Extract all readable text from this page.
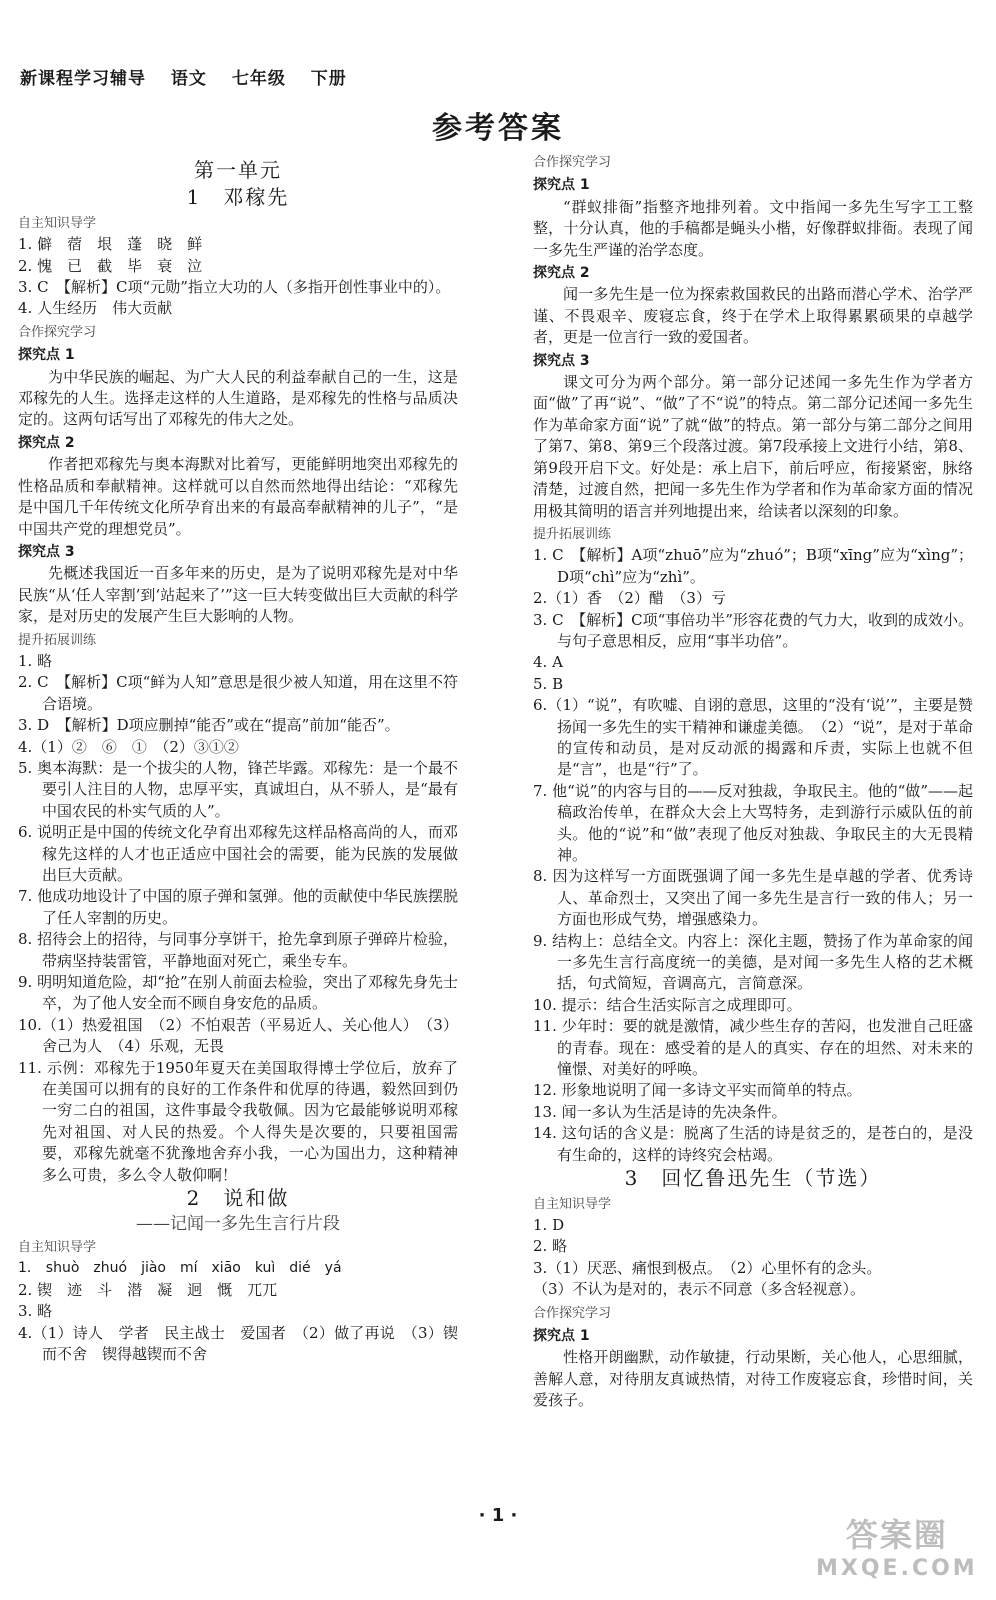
新课程学习辅导 语文 七年级 下册
参考答案
第一单元
1　邓稼先
自主知识导学
1. 僻　蓿　垠　蓬　晓　鲜
2. 愧　已　截　毕　衰　泣
3. C　【解析】C项“元勋”指立大功的人（多指开创性事业中的）。
4. 人生经历　伟大贡献
合作探究学习
探究点 1
为中华民族的崛起、为广大人民的利益奉献自己的一生，这是邓稼先的人生。选择走这样的人生道路，是邓稼先的性格与品质决定的。这两句话写出了邓稼先的伟大之处。
探究点 2
作者把邓稼先与奥本海默对比着写，更能鲜明地突出邓稼先的性格品质和奉献精神。这样就可以自然而然地得出结论：“邓稼先是中国几千年传统文化所孕育出来的有最高奉献精神的儿子”，“是中国共产党的理想党员”。
探究点 3
先概述我国近一百多年来的历史，是为了说明邓稼先是对中华民族“从‘任人宰割’到‘站起来了’”这一巨大转变做出巨大贡献的科学家，是对历史的发展产生巨大影响的人物。
提升拓展训练
1. 略
2. C　【解析】C项“鲜为人知”意思是很少被人知道，用在这里不符合语境。
3. D　【解析】D项应删掉“能否”或在“提高”前加“能否”。
4.（1）②　⑥　①　（2）③①②
5. 奥本海默：是一个拔尖的人物，锋芒毕露。邓稼先：是一个最不要引人注目的人物，忠厚平实，真诚坦白，从不骄人，是“最有中国农民的朴实气质的人”。
6. 说明正是中国的传统文化孕育出邓稼先这样品格高尚的人，而邓稼先这样的人才也正适应中国社会的需要，能为民族的发展做出巨大贡献。
7. 他成功地设计了中国的原子弹和氢弹。他的贡献使中华民族摆脱了任人宰割的历史。
8. 招待会上的招待，与同事分享饼干，抢先拿到原子弹碎片检验，带病坚持装雷管，平静地面对死亡，乘坐专车。
9. 明明知道危险，却“抢”在别人前面去检验，突出了邓稼先身先士卒，为了他人安全而不顾自身安危的品质。
10.（1）热爱祖国　（2）不怕艰苦（平易近人、关心他人）　（3）舍己为人　（4）乐观，无畏
11. 示例：邓稼先于1950年夏天在美国取得博士学位后，放弃了在美国可以拥有的良好的工作条件和优厚的待遇，毅然回到仍一穷二白的祖国，这件事最令我敬佩。因为它最能够说明邓稼先对祖国、对人民的热爱。个人得失是次要的，只要祖国需要，邓稼先就毫不犹豫地舍弃小我，一心为国出力，这种精神多么可贵，多么令人敬仰啊！
2　说和做
——记闻一多先生言行片段
自主知识导学
1. shuò　zhuó　jiào　mí　xiāo　kuì　dié　yá
2. 锲　迹　斗　潜　凝　迥　慨　兀兀
3. 略
4.（1）诗人　学者　民主战士　爱国者　（2）做了再说　（3）锲而不舍　锲得越锲而不舍
合作探究学习
探究点 1
“群蚁排衙”指整齐地排列着。文中指闻一多先生写字工工整整，十分认真，他的手稿都是蝇头小楷，好像群蚁排衙。表现了闻一多先生严谨的治学态度。
探究点 2
闻一多先生是一位为探索救国救民的出路而潜心学术、治学严谨、不畏艰辛、废寝忘食，终于在学术上取得累累硕果的卓越学者，更是一位言行一致的爱国者。
探究点 3
课文可分为两个部分。第一部分记述闻一多先生作为学者方面“做”了再“说”、“做”了不“说”的特点。第二部分记述闻一多先生作为革命家方面“说”了就“做”的特点。第一部分与第二部分之间用了第7、第8、第9三个段落过渡。第7段承接上文进行小结，第8、第9段开启下文。好处是：承上启下，前后呼应，衔接紧密，脉络清楚，过渡自然，把闻一多先生作为学者和作为革命家方面的情况用极其简明的语言并列地提出来，给读者以深刻的印象。
提升拓展训练
1. C　【解析】A项“zhuō”应为“zhuó”；B项“xīng”应为“xìng”；D项“chì”应为“zhì”。
2.（1）香　（2）醋　（3）亏
3. C　【解析】C项“事倍功半”形容花费的气力大，收到的成效小。与句子意思相反，应用“事半功倍”。
4. A
5. B
6.（1）“说”，有吹嘘、自诩的意思，这里的“没有‘说’”，主要是赞扬闻一多先生的实干精神和谦虚美德。　（2）“说”，是对于革命的宣传和动员，是对反动派的揭露和斥责，实际上也就不但是“言”，也是“行”了。
7. 他“说”的内容与目的——反对独裁，争取民主。他的“做”——起稿政治传单，在群众大会上大骂特务，走到游行示威队伍的前头。他的“说”和“做”表现了他反对独裁、争取民主的大无畏精神。
8. 因为这样写一方面既强调了闻一多先生是卓越的学者、优秀诗人、革命烈士，又突出了闻一多先生是言行一致的伟人；另一方面也形成气势，增强感染力。
9. 结构上：总结全文。内容上：深化主题，赞扬了作为革命家的闻一多先生言行高度统一的美德，是对闻一多先生人格的艺术概括，句式简短，音调高亢，言简意深。
10. 提示：结合生活实际言之成理即可。
11. 少年时：要的就是激情，减少些生存的苦闷，也发泄自己旺盛的青春。现在：感受着的是人的真实、存在的坦然、对未来的憧憬、对美好的呼唤。
12. 形象地说明了闻一多诗文平实而简单的特点。
13. 闻一多认为生活是诗的先决条件。
14. 这句话的含义是：脱离了生活的诗是贫乏的，是苍白的，是没有生命的，这样的诗终究会枯竭。
3　回忆鲁迅先生（节选）
自主知识导学
1. D
2. 略
3.（1）厌恶、痛恨到极点。　（2）心里怀有的念头。
（3）不认为是对的，表示不同意（多含轻视意）。
合作探究学习
探究点 1
性格开朗幽默，动作敏捷，行动果断，关心他人，心思细腻，善解人意，对待朋友真诚热情，对待工作废寝忘食，珍惜时间，关爱孩子。
· 1 ·
答案圈
MXQE.COM
